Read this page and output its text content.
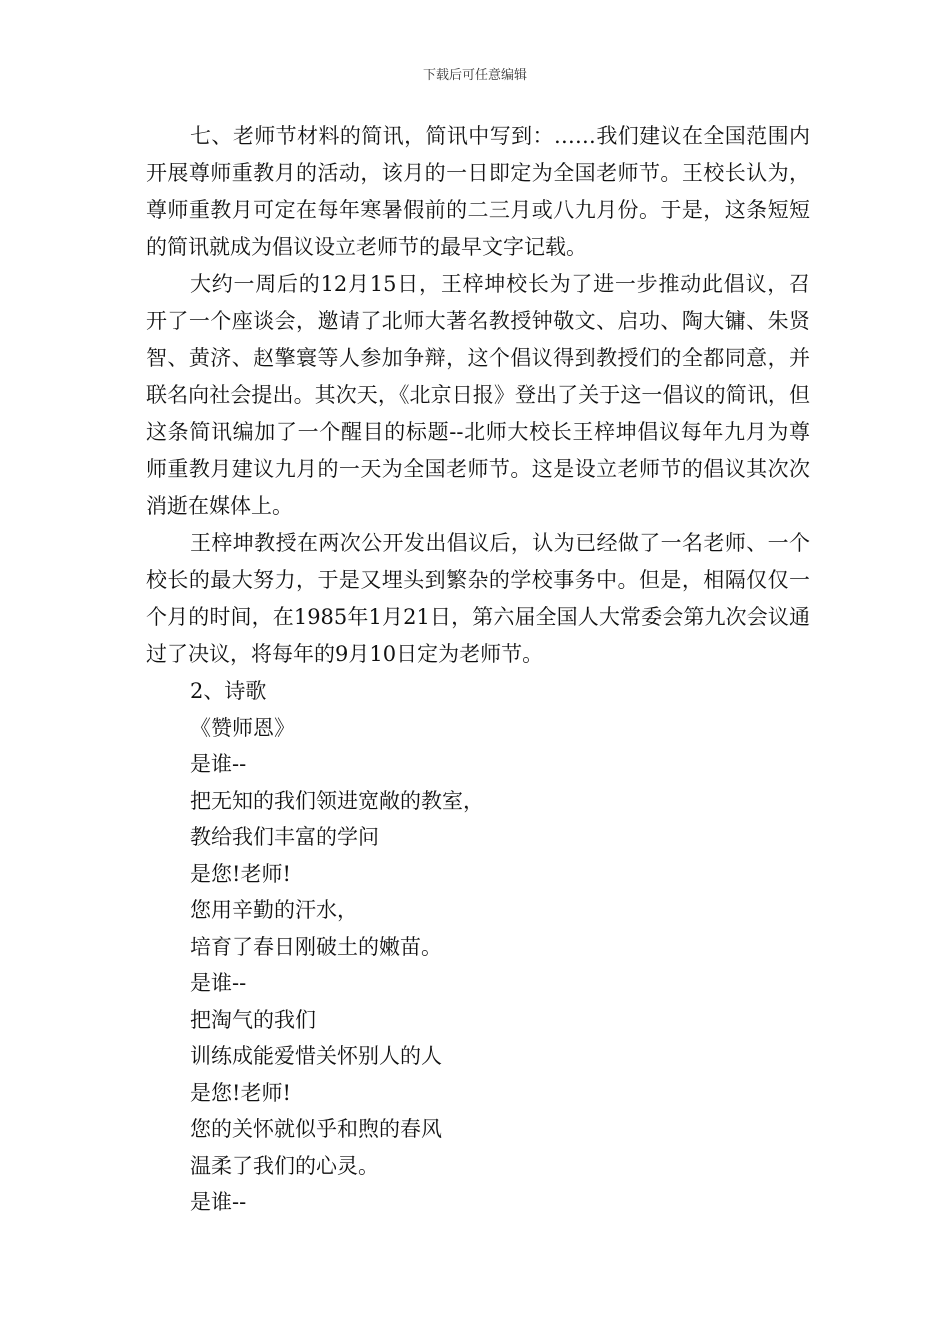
下载后可任意编辑

七、老师节材料的简讯，简讯中写到：……我们建议在全国范围内开展尊师重教月的活动，该月的一日即定为全国老师节。王校长认为，尊师重教月可定在每年寒暑假前的二三月或八九月份。于是，这条短短的简讯就成为倡议设立老师节的最早文字记载。

大约一周后的12月15日，王梓坤校长为了进一步推动此倡议，召开了一个座谈会，邀请了北师大著名教授钟敬文、启功、陶大镛、朱贤智、黄济、赵擎寰等人参加争辩，这个倡议得到教授们的全都同意，并联名向社会提出。其次天，《北京日报》登出了关于这一倡议的简讯，但这条简讯编加了一个醒目的标题--北师大校长王梓坤倡议每年九月为尊师重教月建议九月的一天为全国老师节。这是设立老师节的倡议其次次消逝在媒体上。

王梓坤教授在两次公开发出倡议后，认为已经做了一名老师、一个校长的最大努力，于是又埋头到繁杂的学校事务中。但是，相隔仅仅一个月的时间，在1985年1月21日，第六届全国人大常委会第九次会议通过了决议，将每年的9月10日定为老师节。

2、诗歌

《赞师恩》

是谁--

把无知的我们领进宽敞的教室，

教给我们丰富的学问

是您!老师!

您用辛勤的汗水，

培育了春日刚破土的嫩苗。

是谁--

把淘气的我们

训练成能爱惜关怀别人的人

是您!老师!

您的关怀就似乎和煦的春风

温柔了我们的心灵。

是谁--
